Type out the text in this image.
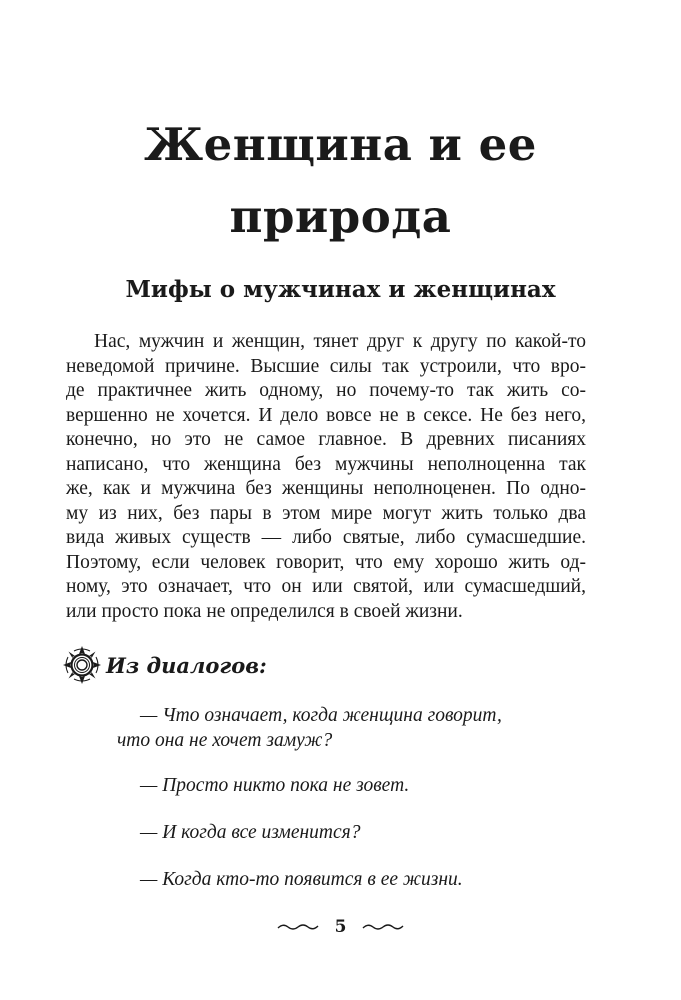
Женщина и ее
природа
Мифы о мужчинах и женщинах
Нас, мужчин и женщин, тянет друг к другу по какой-то
неведомой причине. Высшие силы так устроили, что вро-
де практичнее жить одному, но почему-то так жить со-
вершенно не хочется. И дело вовсе не в сексе. Не без него,
конечно, но это не самое главное. В древних писаниях
написано, что женщина без мужчины неполноценна так
же, как и мужчина без женщины неполноценен. По одно-
му из них, без пары в этом мире могут жить только два
вида живых существ — либо святые, либо сумасшедшие.
Поэтому, если человек говорит, что ему хорошо жить од-
ному, это означает, что он или святой, или сумасшедший,
или просто пока не определился в своей жизни.
Из диалогов:
— Что означает, когда женщина говорит,
что она не хочет замуж?
— Просто никто пока не зовет.
— И когда все изменится?
— Когда кто-то появится в ее жизни.
5
